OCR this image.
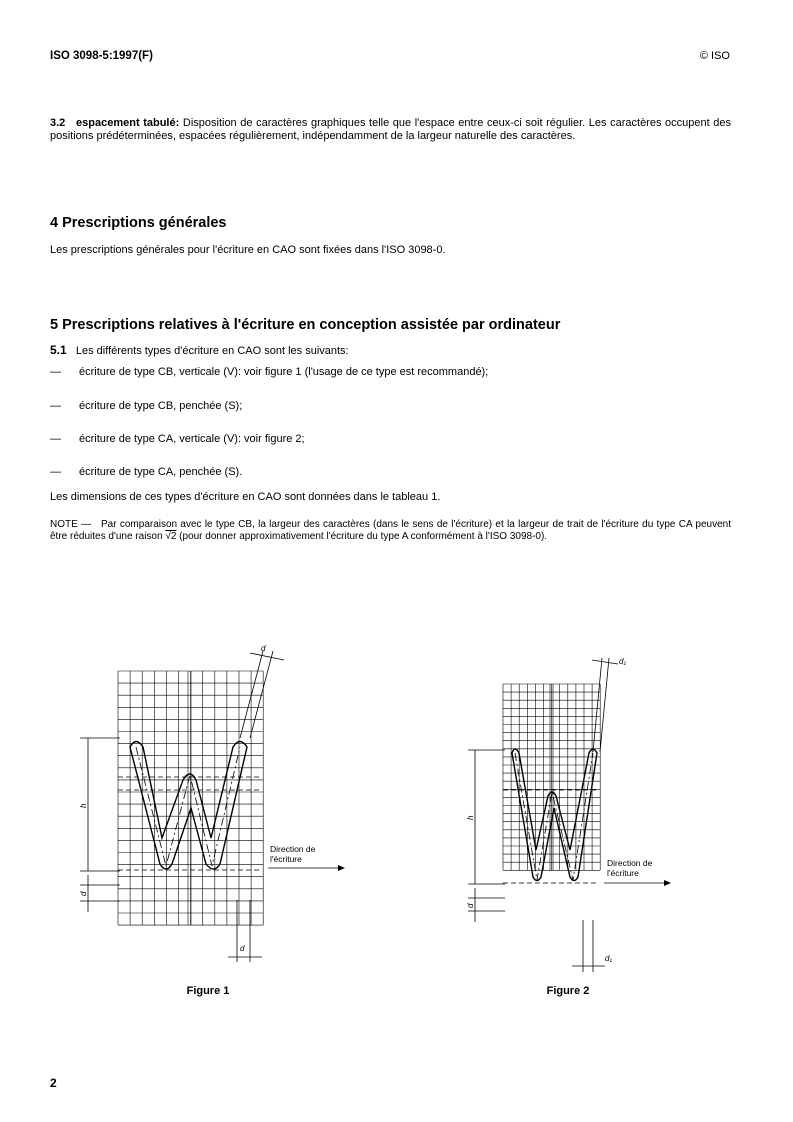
ISO 3098-5:1997(F)	© ISO
3.2 espacement tabulé: Disposition de caractères graphiques telle que l'espace entre ceux-ci soit régulier. Les caractères occupent des positions prédéterminées, espacées régulièrement, indépendamment de la largeur naturelle des caractères.
4 Prescriptions générales
Les prescriptions générales pour l'écriture en CAO sont fixées dans l'ISO 3098-0.
5 Prescriptions relatives à l'écriture en conception assistée par ordinateur
5.1 Les différents types d'écriture en CAO sont les suivants:
— écriture de type CB, verticale (V): voir figure 1 (l'usage de ce type est recommandé);
— écriture de type CB, penchée (S);
— écriture de type CA, verticale (V): voir figure 2;
— écriture de type CA, penchée (S).
Les dimensions de ces types d'écriture en CAO sont données dans le tableau 1.
NOTE — Par comparaison avec le type CB, la largeur des caractères (dans le sens de l'écriture) et la largeur de trait de l'écriture du type CA peuvent être réduites d'une raison √2 (pour donner approximativement l'écriture du type A conformément à l'ISO 3098-0).
Direction de
l'écriture
h
d
d
d
Figure 1
Direction de
l'écriture
h
d
d₁
d₁
Figure 2
2
